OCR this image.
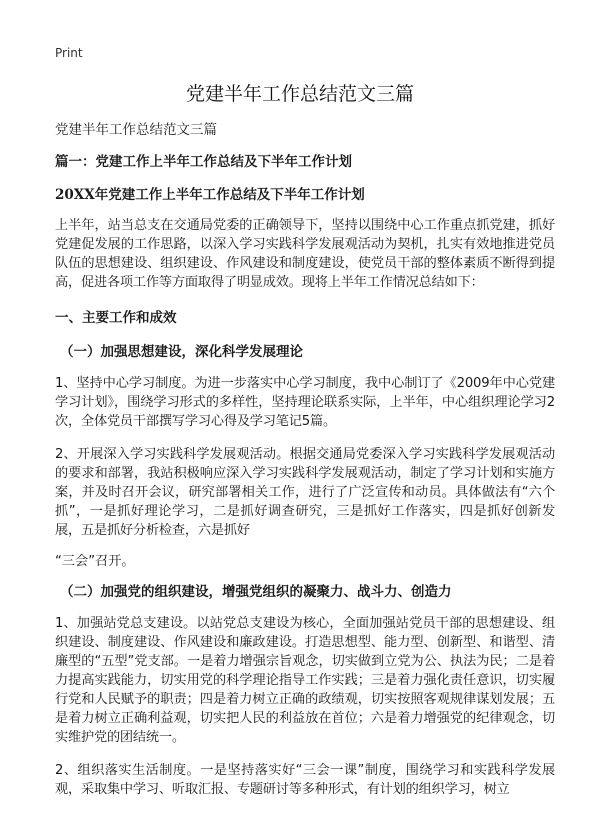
Print
党建半年工作总结范文三篇

党建半年工作总结范文三篇

篇一：党建工作上半年工作总结及下半年工作计划

20XX年党建工作上半年工作总结及下半年工作计划

上半年，站当总支在交通局党委的正确领导下，坚持以围绕中心工作重点抓党建，抓好党建促发展的工作思路，以深入学习实践科学发展观活动为契机，扎实有效地推进党员队伍的思想建设、组织建设、作风建设和制度建设，使党员干部的整体素质不断得到提高，促进各项工作等方面取得了明显成效。现将上半年工作情况总结如下：

一、主要工作和成效

（一）加强思想建设，深化科学发展理论

1、坚持中心学习制度。为进一步落实中心学习制度，我中心制订了《2009年中心党建学习计划》，围绕学习形式的多样性，坚持理论联系实际，上半年，中心组织理论学习2次，全体党员干部撰写学习心得及学习笔记5篇。

2、开展深入学习实践科学发展观活动。根据交通局党委深入学习实践科学发展观活动的要求和部署，我站积极响应深入学习实践科学发展观活动，制定了学习计划和实施方案，并及时召开会议，研究部署相关工作，进行了广泛宣传和动员。具体做法有“六个抓”，一是抓好理论学习，二是抓好调查研究，三是抓好工作落实，四是抓好创新发展，五是抓好分析检查，六是抓好

“三会”召开。

（二）加强党的组织建设，增强党组织的凝聚力、战斗力、创造力

1、加强站党总支建设。以站党总支建设为核心，全面加强站党员干部的思想建设、组织建设、制度建设、作风建设和廉政建设。打造思想型、能力型、创新型、和谐型、清廉型的“五型”党支部。一是着力增强宗旨观念，切实做到立党为公、执法为民；二是着力提高实践能力，切实用党的科学理论指导工作实践；三是着力强化责任意识，切实履行党和人民赋予的职责；四是着力树立正确的政绩观，切实按照客观规律谋划发展；五是着力树立正确利益观，切实把人民的利益放在首位；六是着力增强党的纪律观念，切实维护党的团结统一。

2、组织落实生活制度。一是坚持落实好“三会一课”制度，围绕学习和实践科学发展观，采取集中学习、听取汇报、专题研讨等多种形式，有计划的组织学习，树立
